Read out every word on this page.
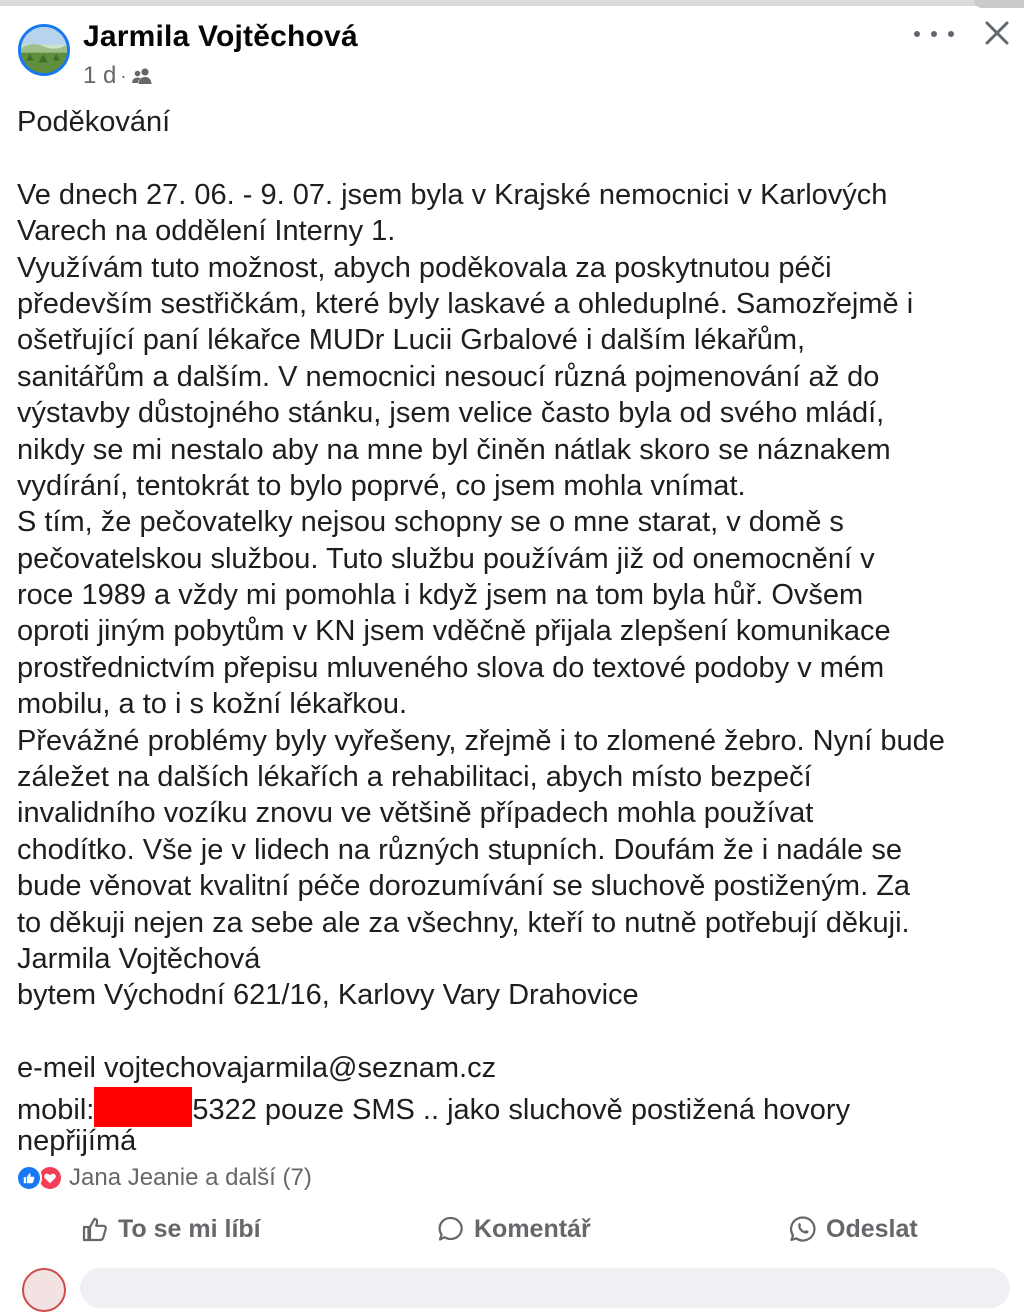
Jarmila Vojtěchová
1 d ·
Poděkování
Ve dnech 27. 06. - 9. 07. jsem byla v Krajské nemocnici v Karlových
Varech na oddělení Interny 1.
Využívám tuto možnost, abych poděkovala za poskytnutou péči
především sestřičkám, které byly laskavé a ohleduplné. Samozřejmě i
ošetřující paní lékařce MUDr Lucii Grbalové i dalším lékařům,
sanitářům a dalším. V nemocnici nesoucí různá pojmenování až do
výstavby důstojného stánku, jsem velice často byla od svého mládí,
nikdy se mi nestalo aby na mne byl činěn nátlak skoro se náznakem
vydírání, tentokrát to bylo poprvé, co jsem mohla vnímat.
S tím, že pečovatelky nejsou schopny se o mne starat, v domě s
pečovatelskou službou. Tuto službu používám již od onemocnění v
roce 1989 a vždy mi pomohla i když jsem na tom byla hůř. Ovšem
oproti jiným pobytům v KN jsem vděčně přijala zlepšení komunikace
prostřednictvím přepisu mluveného slova do textové podoby v mém
mobilu, a to i s kožní lékařkou.
Převážné problémy byly vyřešeny, zřejmě i to zlomené žebro. Nyní bude
záležet na dalších lékařích a rehabilitaci, abych místo bezpečí
invalidního vozíku znovu ve většině případech mohla používat
chodítko. Vše je v lidech na různých stupních. Doufám že i nadále se
bude věnovat kvalitní péče dorozumívání se sluchově postiženým. Za
to děkuji nejen za sebe ale za všechny, kteří to nutně potřebují děkuji.
Jarmila Vojtěchová
bytem Východní 621/16, Karlovy Vary Drahovice
e-meil vojtechovajarmila@seznam.cz
mobil:	5322 pouze SMS .. jako sluchově postižená hovory
nepřijímá
Jana Jeanie a další (7)
To se mi líbí	Komentář	Odeslat
